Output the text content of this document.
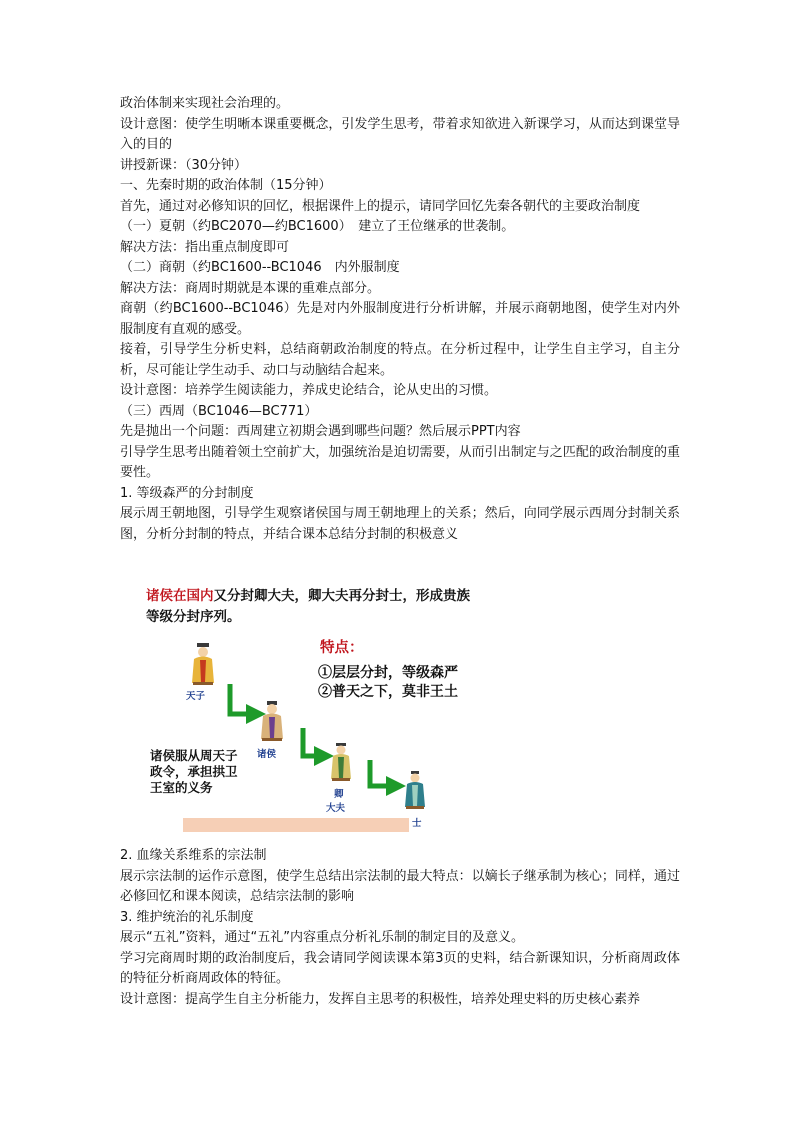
政治体制来实现社会治理的。

设计意图：使学生明晰本课重要概念，引发学生思考，带着求知欲进入新课学习，从而达到课堂导入的目的

讲授新课：（30分钟）

一、先秦时期的政治体制（15分钟）

首先，通过对必修知识的回忆，根据课件上的提示，请同学回忆先秦各朝代的主要政治制度

（一）夏朝（约BC2070—约BC1600）　建立了王位继承的世袭制。

解决方法：指出重点制度即可

（二）商朝（约BC1600--BC1046　内外服制度

解决方法：商周时期就是本课的重难点部分。

商朝（约BC1600--BC1046）先是对内外服制度进行分析讲解，并展示商朝地图，使学生对内外服制度有直观的感受。

接着，引导学生分析史料，总结商朝政治制度的特点。在分析过程中，让学生自主学习，自主分析，尽可能让学生动手、动口与动脑结合起来。

设计意图：培养学生阅读能力，养成史论结合，论从史出的习惯。

（三）西周（BC1046—BC771）

先是抛出一个问题：西周建立初期会遇到哪些问题？然后展示PPT内容

引导学生思考出随着领土空前扩大，加强统治是迫切需要，从而引出制定与之匹配的政治制度的重要性。

1. 等级森严的分封制度

展示周王朝地图，引导学生观察诸侯国与周王朝地理上的关系；然后，向同学展示西周分封制关系图，分析分封制的特点，并结合课本总结分封制的积极意义

诸侯在国内又分封卿大夫，卿大夫再分封士，形成贵族等级分封序列。
特点：
①层层分封，等级森严
②普天之下，莫非王土
诸侯服从周天子政令，承担拱卫王室的义务
天子
诸侯
卿
大夫
士

2. 血缘关系维系的宗法制

展示宗法制的运作示意图，使学生总结出宗法制的最大特点：以嫡长子继承制为核心；同样，通过必修回忆和课本阅读，总结宗法制的影响

3. 维护统治的礼乐制度

展示“五礼”资料，通过“五礼”内容重点分析礼乐制的制定目的及意义。

学习完商周时期的政治制度后，我会请同学阅读课本第3页的史料，结合新课知识，分析商周政体的特征分析商周政体的特征。

设计意图：提高学生自主分析能力，发挥自主思考的积极性，培养处理史料的历史核心素养
